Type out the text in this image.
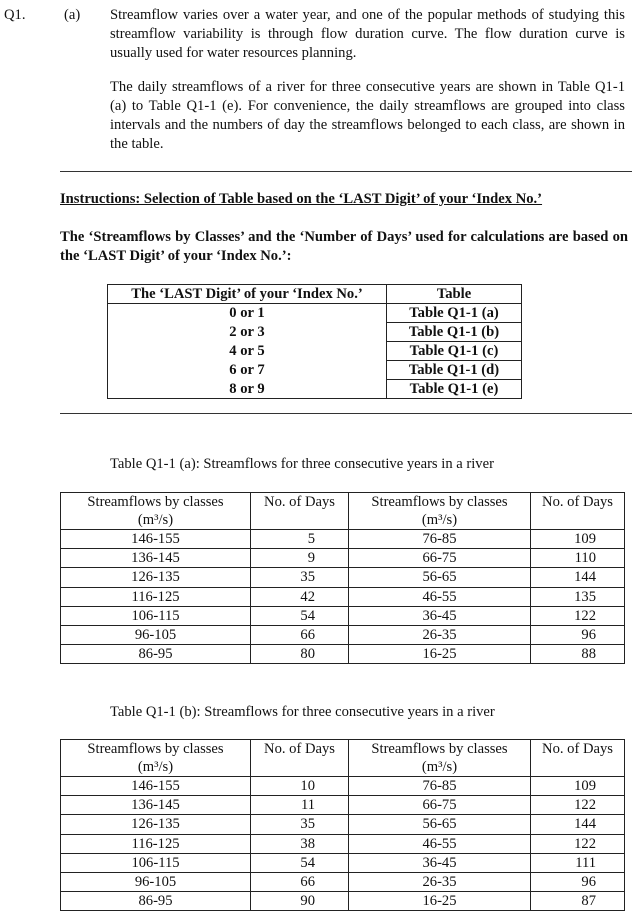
Q1.	(a) Streamflow varies over a water year, and one of the popular methods of studying this streamflow variability is through flow duration curve. The flow duration curve is usually used for water resources planning.

The daily streamflows of a river for three consecutive years are shown in Table Q1-1 (a) to Table Q1-1 (e). For convenience, the daily streamflows are grouped into class intervals and the numbers of day the streamflows belonged to each class, are shown in the table.

Instructions: Selection of Table based on the ‘LAST Digit’ of your ‘Index No.’

The ‘Streamflows by Classes’ and the ‘Number of Days’ used for calculations are based on the ‘LAST Digit’ of your ‘Index No.’:

The ‘LAST Digit’ of your ‘Index No.’	Table
0 or 1	Table Q1-1 (a)
2 or 3	Table Q1-1 (b)
4 or 5	Table Q1-1 (c)
6 or 7	Table Q1-1 (d)
8 or 9	Table Q1-1 (e)

Table Q1-1 (a): Streamflows for three consecutive years in a river

Streamflows by classes
(m³/s)	No. of Days	Streamflows by classes
(m³/s)	No. of Days
146-155	5	76-85	109
136-145	9	66-75	110
126-135	35	56-65	144
116-125	42	46-55	135
106-115	54	36-45	122
96-105	66	26-35	96
86-95	80	16-25	88

Table Q1-1 (b): Streamflows for three consecutive years in a river

Streamflows by classes
(m³/s)	No. of Days	Streamflows by classes
(m³/s)	No. of Days
146-155	10	76-85	109
136-145	11	66-75	122
126-135	35	56-65	144
116-125	38	46-55	122
106-115	54	36-45	111
96-105	66	26-35	96
86-95	90	16-25	87
